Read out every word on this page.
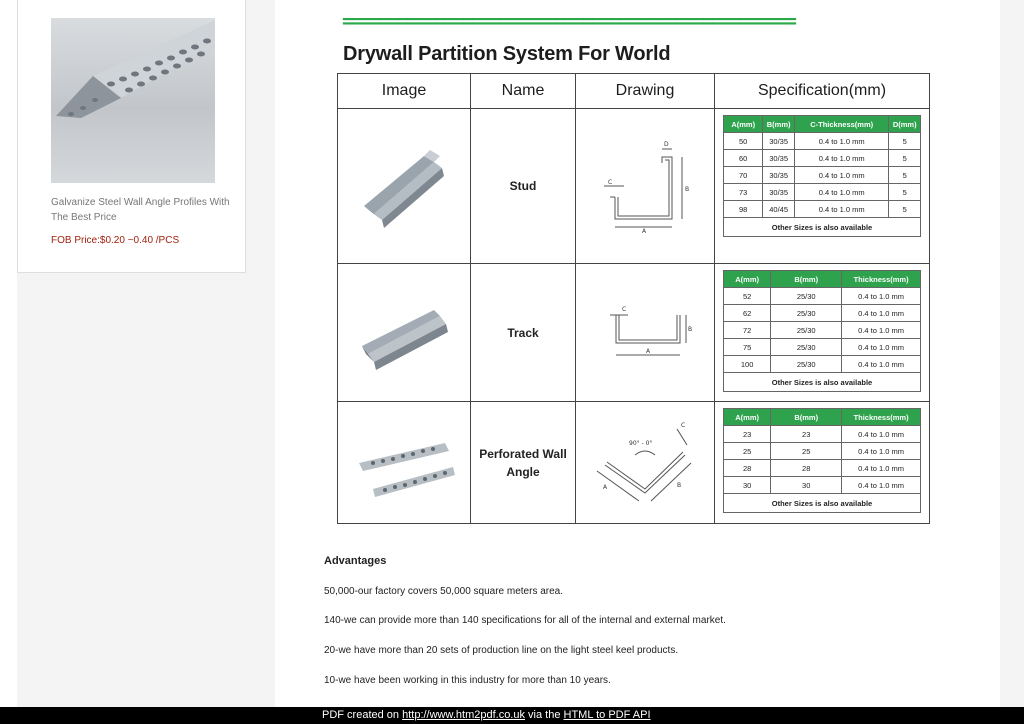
Galvanize Steel Wall Angle Profiles With The Best Price
FOB Price:$0.20 ~0.40 /PCS
=================================================
Drywall Partition System For World
Image	Name	Drawing	Specification(mm)

	Stud	
D
C
B
A

A(mm)	B(mm)	C-Thickness(mm)	D(mm)
50	30/35	0.4 to 1.0 mm	5
60	30/35	0.4 to 1.0 mm	5
70	30/35	0.4 to 1.0 mm	5
73	30/35	0.4 to 1.0 mm	5
98	40/45	0.4 to 1.0 mm	5
Other Sizes is also available

	Track	
C
B
A

A(mm)	B(mm)	Thickness(mm)
52	25/30	0.4 to 1.0 mm
62	25/30	0.4 to 1.0 mm
72	25/30	0.4 to 1.0 mm
75	25/30	0.4 to 1.0 mm
100	25/30	0.4 to 1.0 mm
Other Sizes is also available

	Perforated Wall
Angle	
C
90° - 0°
A	B

A(mm)	B(mm)	Thickness(mm)
23	23	0.4 to 1.0 mm
25	25	0.4 to 1.0 mm
28	28	0.4 to 1.0 mm
30	30	0.4 to 1.0 mm
Other Sizes is also available
Advantages
50,000-our factory covers 50,000 square meters area.
140-we can provide more than 140 specifications for all of the internal and external market.
20-we have more than 20 sets of production line on the light steel keel products.
10-we have been working in this industry for more than 10 years.
PDF created on http://www.htm2pdf.co.uk via the HTML to PDF API
